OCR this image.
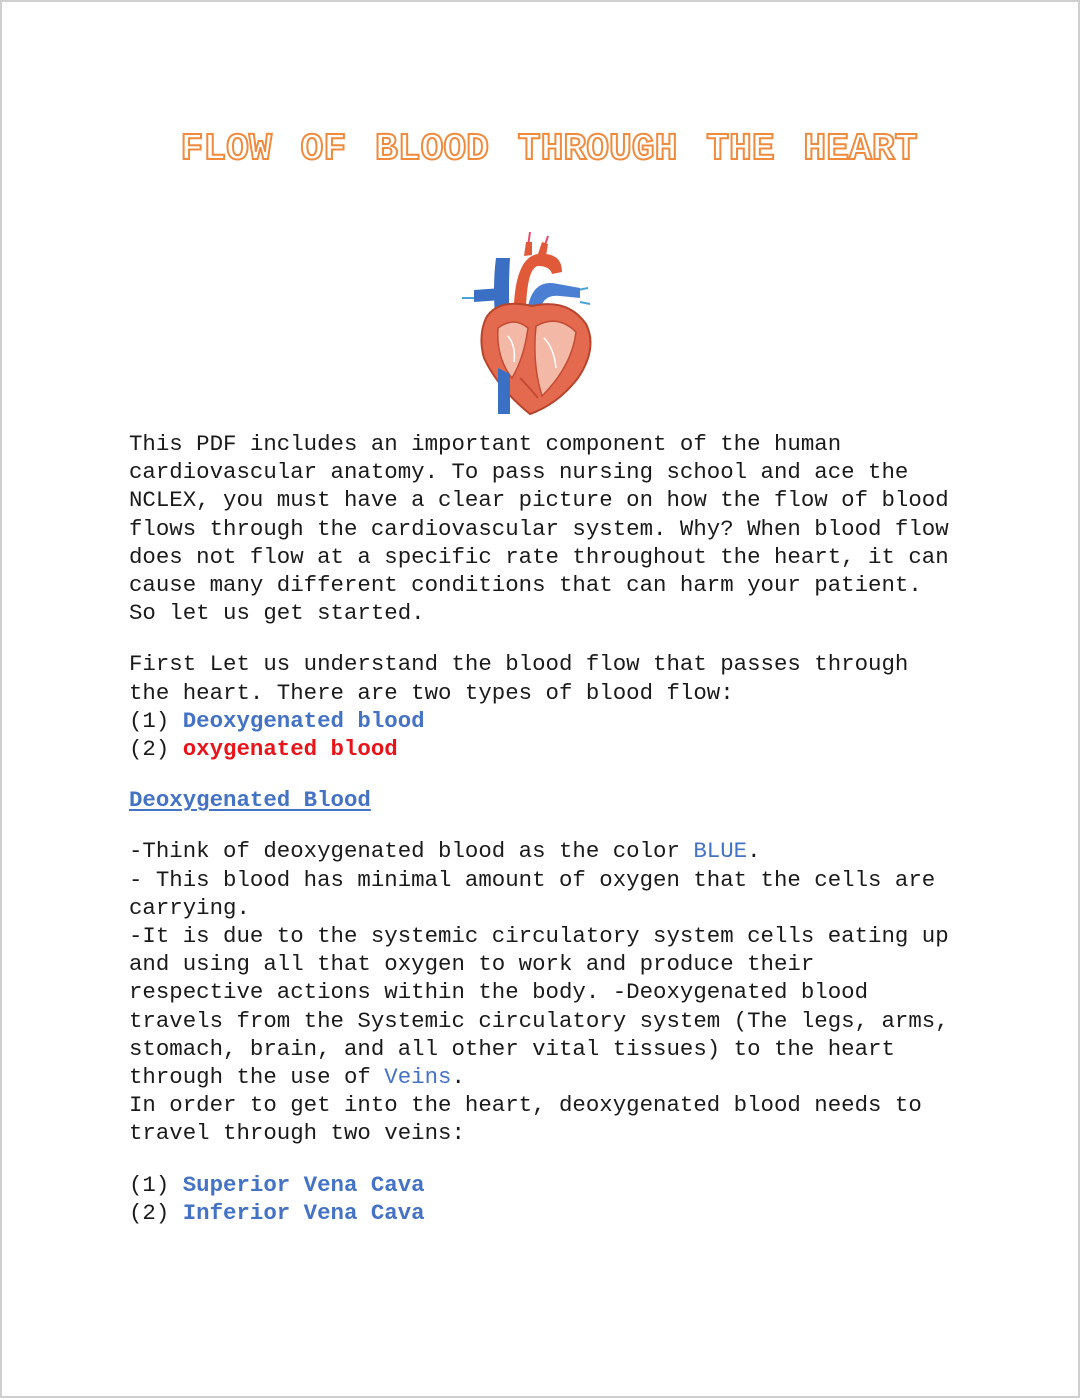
FLOW OF BLOOD THROUGH THE HEART

This PDF includes an important component of the human cardiovascular anatomy. To pass nursing school and ace the NCLEX, you must have a clear picture on how the flow of blood flows through the cardiovascular system. Why? When blood flow does not flow at a specific rate throughout the heart, it can cause many different conditions that can harm your patient. So let us get started.

First Let us understand the blood flow that passes through the heart. There are two types of blood flow:

(1) Deoxygenated blood

(2) oxygenated blood

Deoxygenated Blood

-Think of deoxygenated blood as the color BLUE.

- This blood has minimal amount of oxygen that the cells are carrying.

-It is due to the systemic circulatory system cells eating up and using all that oxygen to work and produce their respective actions within the body. -Deoxygenated blood travels from the Systemic circulatory system (The legs, arms, stomach, brain, and all other vital tissues) to the heart through the use of Veins.

In order to get into the heart, deoxygenated blood needs to travel through two veins:

(1) Superior Vena Cava

(2) Inferior Vena Cava
